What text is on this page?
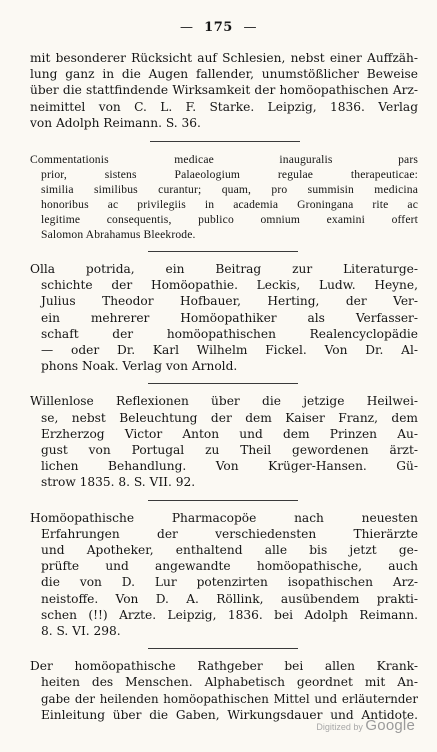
— 175 —
mit besonderer Rücksicht auf Schlesien, nebst einer Auffzäh-
lung ganz in die Augen fallender, unumstößlicher Beweise
über die stattfindende Wirksamkeit der homöopathischen Arz-
neimittel von C. L. F. Starke. Leipzig, 1836. Verlag
von Adolph Reimann. S. 36.
Commentationis medicae inauguralis pars
prior, sistens Palaeologium regulae therapeuticae:
similia similibus curantur; quam, pro summisin medicina
honoribus ac privilegiis in academia Groningana rite ac
legitime consequentis, publico omnium examini offert
Salomon Abrahamus Bleekrode.
Olla potrida, ein Beitrag zur Literaturge-
schichte der Homöopathie. Leckis, Ludw. Heyne,
Julius Theodor Hofbauer, Herting, der Ver-
ein mehrerer Homöopathiker als Verfasser-
schaft der homöopathischen Realencyclopädie
— oder Dr. Karl Wilhelm Fickel. Von Dr. Al-
phons Noak. Verlag von Arnold.
Willenlose Reflexionen über die jetzige Heilwei-
se, nebst Beleuchtung der dem Kaiser Franz, dem
Erzherzog Victor Anton und dem Prinzen Au-
gust von Portugal zu Theil gewordenen ärzt-
lichen Behandlung. Von Krüger-Hansen. Gü-
strow 1835. 8. S. VII. 92.
Homöopathische Pharmacopöe nach neuesten
Erfahrungen der verschiedensten Thierärzte
und Apotheker, enthaltend alle bis jetzt ge-
prüfte und angewandte homöopathische, auch
die von D. Lur potenzirten isopathischen Arz-
neistoffe. Von D. A. Röllink, ausübendem prakti-
schen (!!) Arzte. Leipzig, 1836. bei Adolph Reimann.
8. S. VI. 298.
Der homöopathische Rathgeber bei allen Krank-
heiten des Menschen. Alphabetisch geordnet mit An-
gabe der heilenden homöopathischen Mittel und erläuternder
Einleitung über die Gaben, Wirkungsdauer und Antidote.
Digitized by Google
